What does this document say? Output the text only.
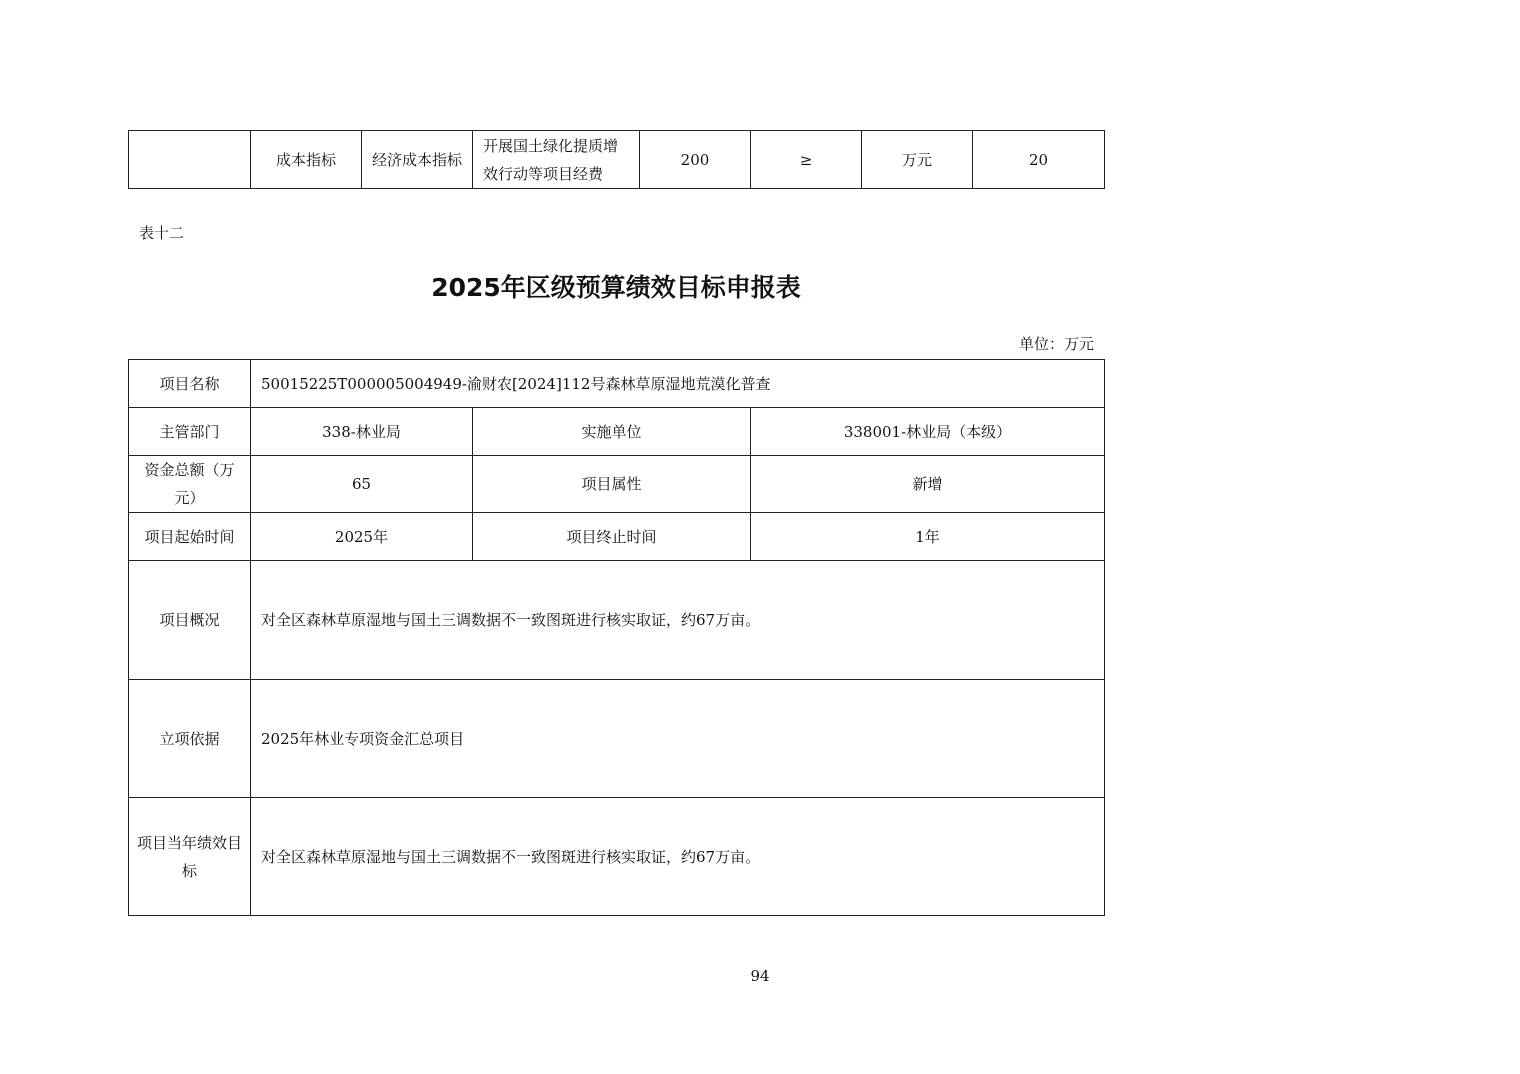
	成本指标	经济成本指标	开展国土绿化提质增效行动等项目经费	200	≥	万元	20
表十二
2025年区级预算绩效目标申报表
单位：万元
项目名称	50015225T000005004949-渝财农[2024]112号森林草原湿地荒漠化普查		
主管部门	338-林业局	实施单位	338001-林业局（本级）
资金总额（万元）	65	项目属性	新增
项目起始时间	2025年	项目终止时间	1年
项目概况	对全区森林草原湿地与国土三调数据不一致图斑进行核实取证，约67万亩。		
立项依据	2025年林业专项资金汇总项目		
项目当年绩效目标	对全区森林草原湿地与国土三调数据不一致图斑进行核实取证，约67万亩。		
94
